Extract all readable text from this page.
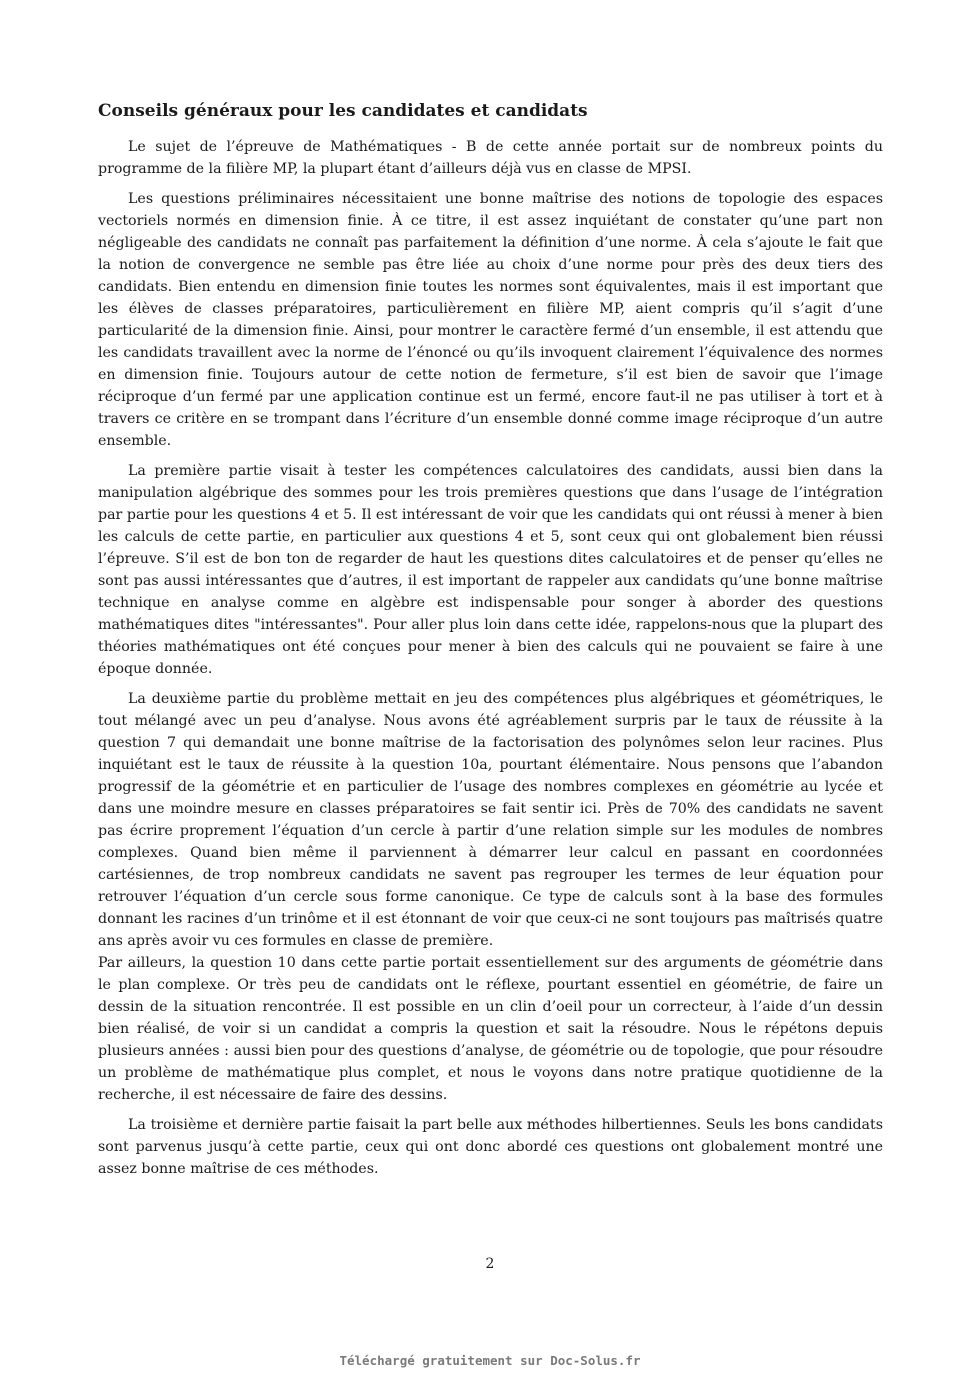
Conseils généraux pour les candidates et candidats

Le sujet de l’épreuve de Mathématiques - B de cette année portait sur de nombreux points du programme de la filière MP, la plupart étant d’ailleurs déjà vus en classe de MPSI.

Les questions préliminaires nécessitaient une bonne maîtrise des notions de topologie des espaces vectoriels normés en dimension finie. À ce titre, il est assez inquiétant de constater qu’une part non négligeable des candidats ne connaît pas parfaitement la définition d’une norme. À cela s’ajoute le fait que la notion de convergence ne semble pas être liée au choix d’une norme pour près des deux tiers des candidats. Bien entendu en dimension finie toutes les normes sont équivalentes, mais il est important que les élèves de classes préparatoires, particulièrement en filière MP, aient compris qu’il s’agit d’une particularité de la dimension finie. Ainsi, pour montrer le caractère fermé d’un ensemble, il est attendu que les candidats travaillent avec la norme de l’énoncé ou qu’ils invoquent clairement l’équivalence des normes en dimension finie. Toujours autour de cette notion de fermeture, s’il est bien de savoir que l’image réciproque d’un fermé par une application continue est un fermé, encore faut-il ne pas utiliser à tort et à travers ce critère en se trompant dans l’écriture d’un ensemble donné comme image réciproque d’un autre ensemble.

La première partie visait à tester les compétences calculatoires des candidats, aussi bien dans la manipulation algébrique des sommes pour les trois premières questions que dans l’usage de l’intégration par partie pour les questions 4 et 5. Il est intéressant de voir que les candidats qui ont réussi à mener à bien les calculs de cette partie, en particulier aux questions 4 et 5, sont ceux qui ont globalement bien réussi l’épreuve. S’il est de bon ton de regarder de haut les questions dites calculatoires et de penser qu’elles ne sont pas aussi intéressantes que d’autres, il est important de rappeler aux candidats qu’une bonne maîtrise technique en analyse comme en algèbre est indispensable pour songer à aborder des questions mathématiques dites "intéressantes". Pour aller plus loin dans cette idée, rappelons-nous que la plupart des théories mathématiques ont été conçues pour mener à bien des calculs qui ne pouvaient se faire à une époque donnée.

La deuxième partie du problème mettait en jeu des compétences plus algébriques et géométriques, le tout mélangé avec un peu d’analyse. Nous avons été agréablement surpris par le taux de réussite à la question 7 qui demandait une bonne maîtrise de la factorisation des polynômes selon leur racines. Plus inquiétant est le taux de réussite à la question 10a, pourtant élémentaire. Nous pensons que l’abandon progressif de la géométrie et en particulier de l’usage des nombres complexes en géométrie au lycée et dans une moindre mesure en classes préparatoires se fait sentir ici. Près de 70% des candidats ne savent pas écrire proprement l’équation d’un cercle à partir d’une relation simple sur les modules de nombres complexes. Quand bien même il parviennent à démarrer leur calcul en passant en coordonnées cartésiennes, de trop nombreux candidats ne savent pas regrouper les termes de leur équation pour retrouver l’équation d’un cercle sous forme canonique. Ce type de calculs sont à la base des formules donnant les racines d’un trinôme et il est étonnant de voir que ceux-ci ne sont toujours pas maîtrisés quatre ans après avoir vu ces formules en classe de première.

Par ailleurs, la question 10 dans cette partie portait essentiellement sur des arguments de géométrie dans le plan complexe. Or très peu de candidats ont le réflexe, pourtant essentiel en géométrie, de faire un dessin de la situation rencontrée. Il est possible en un clin d’oeil pour un correcteur, à l’aide d’un dessin bien réalisé, de voir si un candidat a compris la question et sait la résoudre. Nous le répétons depuis plusieurs années : aussi bien pour des questions d’analyse, de géométrie ou de topologie, que pour résoudre un problème de mathématique plus complet, et nous le voyons dans notre pratique quotidienne de la recherche, il est nécessaire de faire des dessins.

La troisième et dernière partie faisait la part belle aux méthodes hilbertiennes. Seuls les bons candidats sont parvenus jusqu’à cette partie, ceux qui ont donc abordé ces questions ont globalement montré une assez bonne maîtrise de ces méthodes.

2
Téléchargé gratuitement sur Doc-Solus.fr
